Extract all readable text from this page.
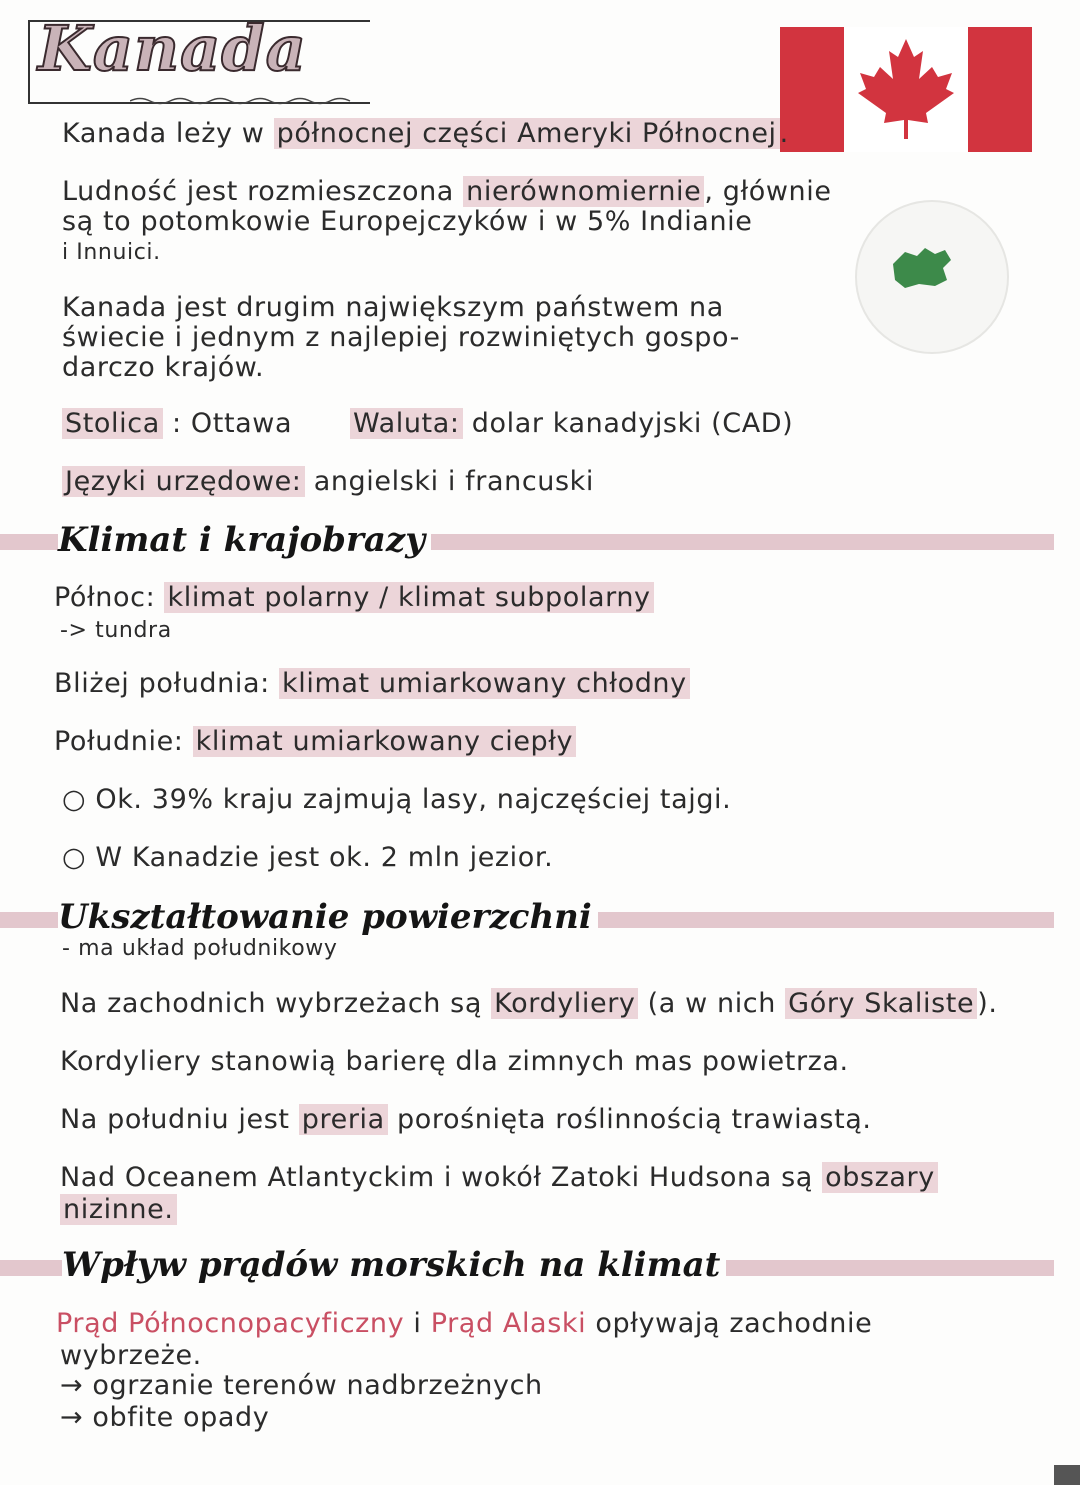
Kanada
Kanada leży w północnej części Ameryki Północnej .
Ludność jest rozmieszczona nierównomiernie , głównie
są to potomkowie Europejczyków i w 5% Indianie
i Innuici.
Kanada jest drugim największym państwem na
świecie i jednym z najlepiej rozwiniętych gospo-
darczo krajów.
Stolica : Ottawa Waluta: dolar kanadyjski (CAD)
Języki urzędowe: angielski i francuski
Klimat i krajobrazy
Północ: klimat polarny / klimat subpolarny
-> tundra
Bliżej południa: klimat umiarkowany chłodny
Południe: klimat umiarkowany ciepły
○ Ok. 39% kraju zajmują lasy, najczęściej tajgi.
○ W Kanadzie jest ok. 2 mln jezior.
Ukształtowanie powierzchni
- ma układ południkowy
Na zachodnich wybrzeżach są Kordyliery (a w nich Góry Skaliste ).
Kordyliery stanowią barierę dla zimnych mas powietrza.
Na południu jest preria porośnięta roślinnością trawiastą.
Nad Oceanem Atlantyckim i wokół Zatoki Hudsona są obszary
nizinne.
Wpływ prądów morskich na klimat
Prąd Północnopacyficzny i Prąd Alaski opływają zachodnie
wybrzeże.
→ ogrzanie terenów nadbrzeżnych
→ obfite opady
